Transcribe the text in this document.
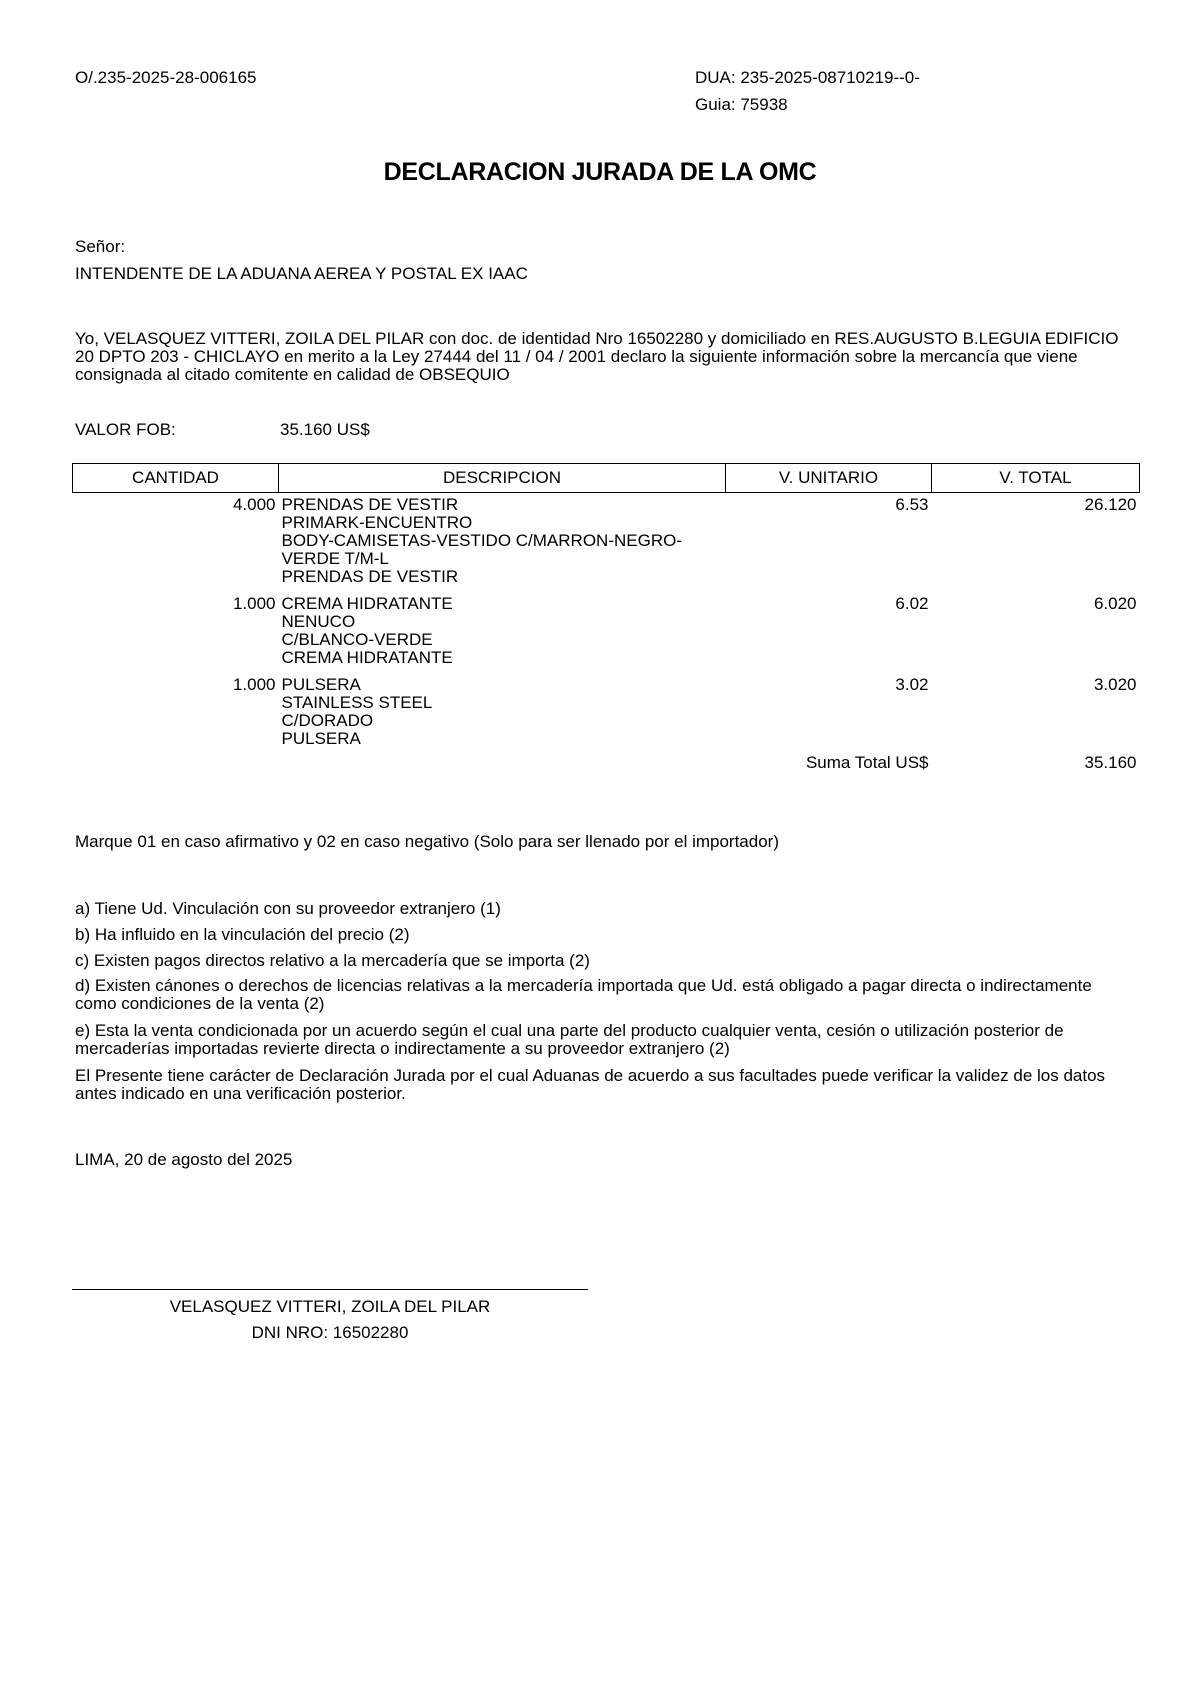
O/.235-2025-28-006165	DUA: 235-2025-08710219--0-
Guia: 75938
DECLARACION JURADA DE LA OMC
Señor:
INTENDENTE DE LA ADUANA AEREA Y POSTAL EX IAAC
Yo, VELASQUEZ VITTERI, ZOILA DEL PILAR con doc. de identidad Nro 16502280 y domiciliado en RES.AUGUSTO B.LEGUIA EDIFICIO 20 DPTO 203 - CHICLAYO en merito a la Ley 27444 del 11 / 04 / 2001 declaro la siguiente información sobre la mercancía que viene consignada al citado comitente en calidad de OBSEQUIO
VALOR FOB:	35.160 US$
CANTIDAD	DESCRIPCION	V. UNITARIO	V. TOTAL
4.000	PRENDAS DE VESTIR
PRIMARK-ENCUENTRO
BODY-CAMISETAS-VESTIDO C/MARRON-NEGRO-
VERDE T/M-L
PRENDAS DE VESTIR	6.53	26.120
1.000	CREMA HIDRATANTE
NENUCO
C/BLANCO-VERDE
CREMA HIDRATANTE	6.02	6.020
1.000	PULSERA
STAINLESS STEEL
C/DORADO
PULSERA	3.02	3.020
		Suma Total US$	35.160
Marque 01 en caso afirmativo y 02 en caso negativo (Solo para ser llenado por el importador)
a) Tiene Ud. Vinculación con su proveedor extranjero (1)
b) Ha influido en la vinculación del precio (2)
c) Existen pagos directos relativo a la mercadería que se importa (2)
d) Existen cánones o derechos de licencias relativas a la mercadería importada que Ud. está obligado a pagar directa o indirectamente como condiciones de la venta (2)
e) Esta la venta condicionada por un acuerdo según el cual una parte del producto cualquier venta, cesión o utilización posterior de mercaderías importadas revierte directa o indirectamente a su proveedor extranjero (2)
El Presente tiene carácter de Declaración Jurada por el cual Aduanas de acuerdo a sus facultades puede verificar la validez de los datos antes indicado en una verificación posterior.
LIMA, 20 de agosto del 2025
VELASQUEZ VITTERI, ZOILA DEL PILAR
DNI NRO: 16502280
